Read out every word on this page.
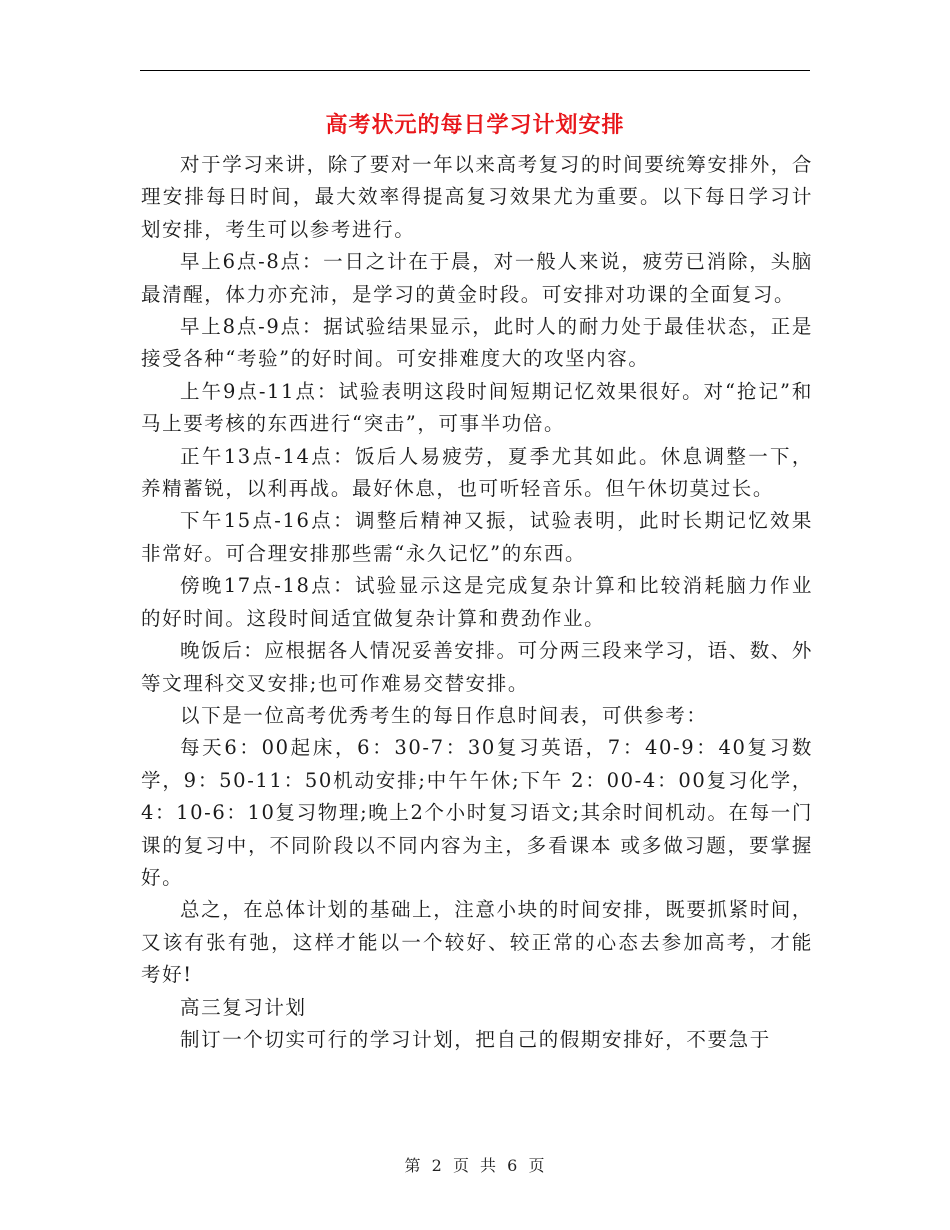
高考状元的每日学习计划安排

对于学习来讲，除了要对一年以来高考复习的时间要统筹安排外，合理安排每日时间，最大效率得提高复习效果尤为重要。以下每日学习计划安排，考生可以参考进行。

早上6点-8点：一日之计在于晨，对一般人来说，疲劳已消除，头脑最清醒，体力亦充沛，是学习的黄金时段。可安排对功课的全面复习。

早上8点-9点：据试验结果显示，此时人的耐力处于最佳状态，正是接受各种“考验”的好时间。可安排难度大的攻坚内容。

上午9点-11点：试验表明这段时间短期记忆效果很好。对“抢记”和马上要考核的东西进行“突击”，可事半功倍。

正午13点-14点：饭后人易疲劳，夏季尤其如此。休息调整一下，养精蓄锐，以利再战。最好休息，也可听轻音乐。但午休切莫过长。

下午15点-16点：调整后精神又振，试验表明，此时长期记忆效果非常好。可合理安排那些需“永久记忆”的东西。

傍晚17点-18点：试验显示这是完成复杂计算和比较消耗脑力作业的好时间。这段时间适宜做复杂计算和费劲作业。

晚饭后：应根据各人情况妥善安排。可分两三段来学习，语、数、外等文理科交叉安排;也可作难易交替安排。

以下是一位高考优秀考生的每日作息时间表，可供参考：

每天6：00起床，6：30-7：30复习英语，7：40-9：40复习数学，9：50-11：50机动安排;中午午休;下午 2：00-4：00复习化学，4：10-6：10复习物理;晚上2个小时复习语文;其余时间机动。在每一门课的复习中，不同阶段以不同内容为主，多看课本 或多做习题，要掌握好。

总之，在总体计划的基础上，注意小块的时间安排，既要抓紧时间，又该有张有弛，这样才能以一个较好、较正常的心态去参加高考，才能考好!

高三复习计划

制订一个切实可行的学习计划，把自己的假期安排好，不要急于

第 2 页 共 6 页
